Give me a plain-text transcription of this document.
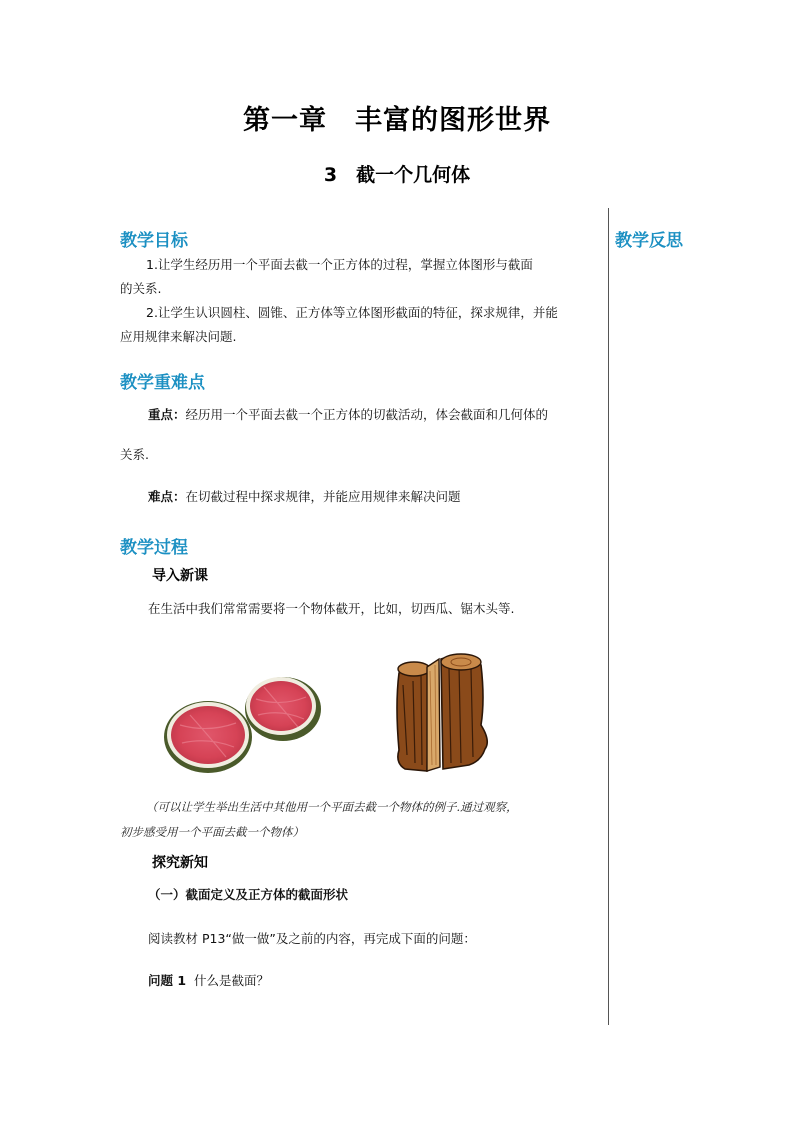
第一章　丰富的图形世界
3　截一个几何体
教学反思
教学目标
1.让学生经历用一个平面去截一个正方体的过程，掌握立体图形与截面
的关系.
2.让学生认识圆柱、圆锥、正方体等立体图形截面的特征，探求规律，并能
应用规律来解决问题.
教学重难点
重点：经历用一个平面去截一个正方体的切截活动，体会截面和几何体的
关系.
难点：在切截过程中探求规律，并能应用规律来解决问题
教学过程
导入新课
在生活中我们常常需要将一个物体截开，比如，切西瓜、锯木头等.
（可以让学生举出生活中其他用一个平面去截一个物体的例子.通过观察，
初步感受用一个平面去截一个物体）
探究新知
（一）截面定义及正方体的截面形状
阅读教材 P13“做一做”及之前的内容，再完成下面的问题：
问题 1 什么是截面？
